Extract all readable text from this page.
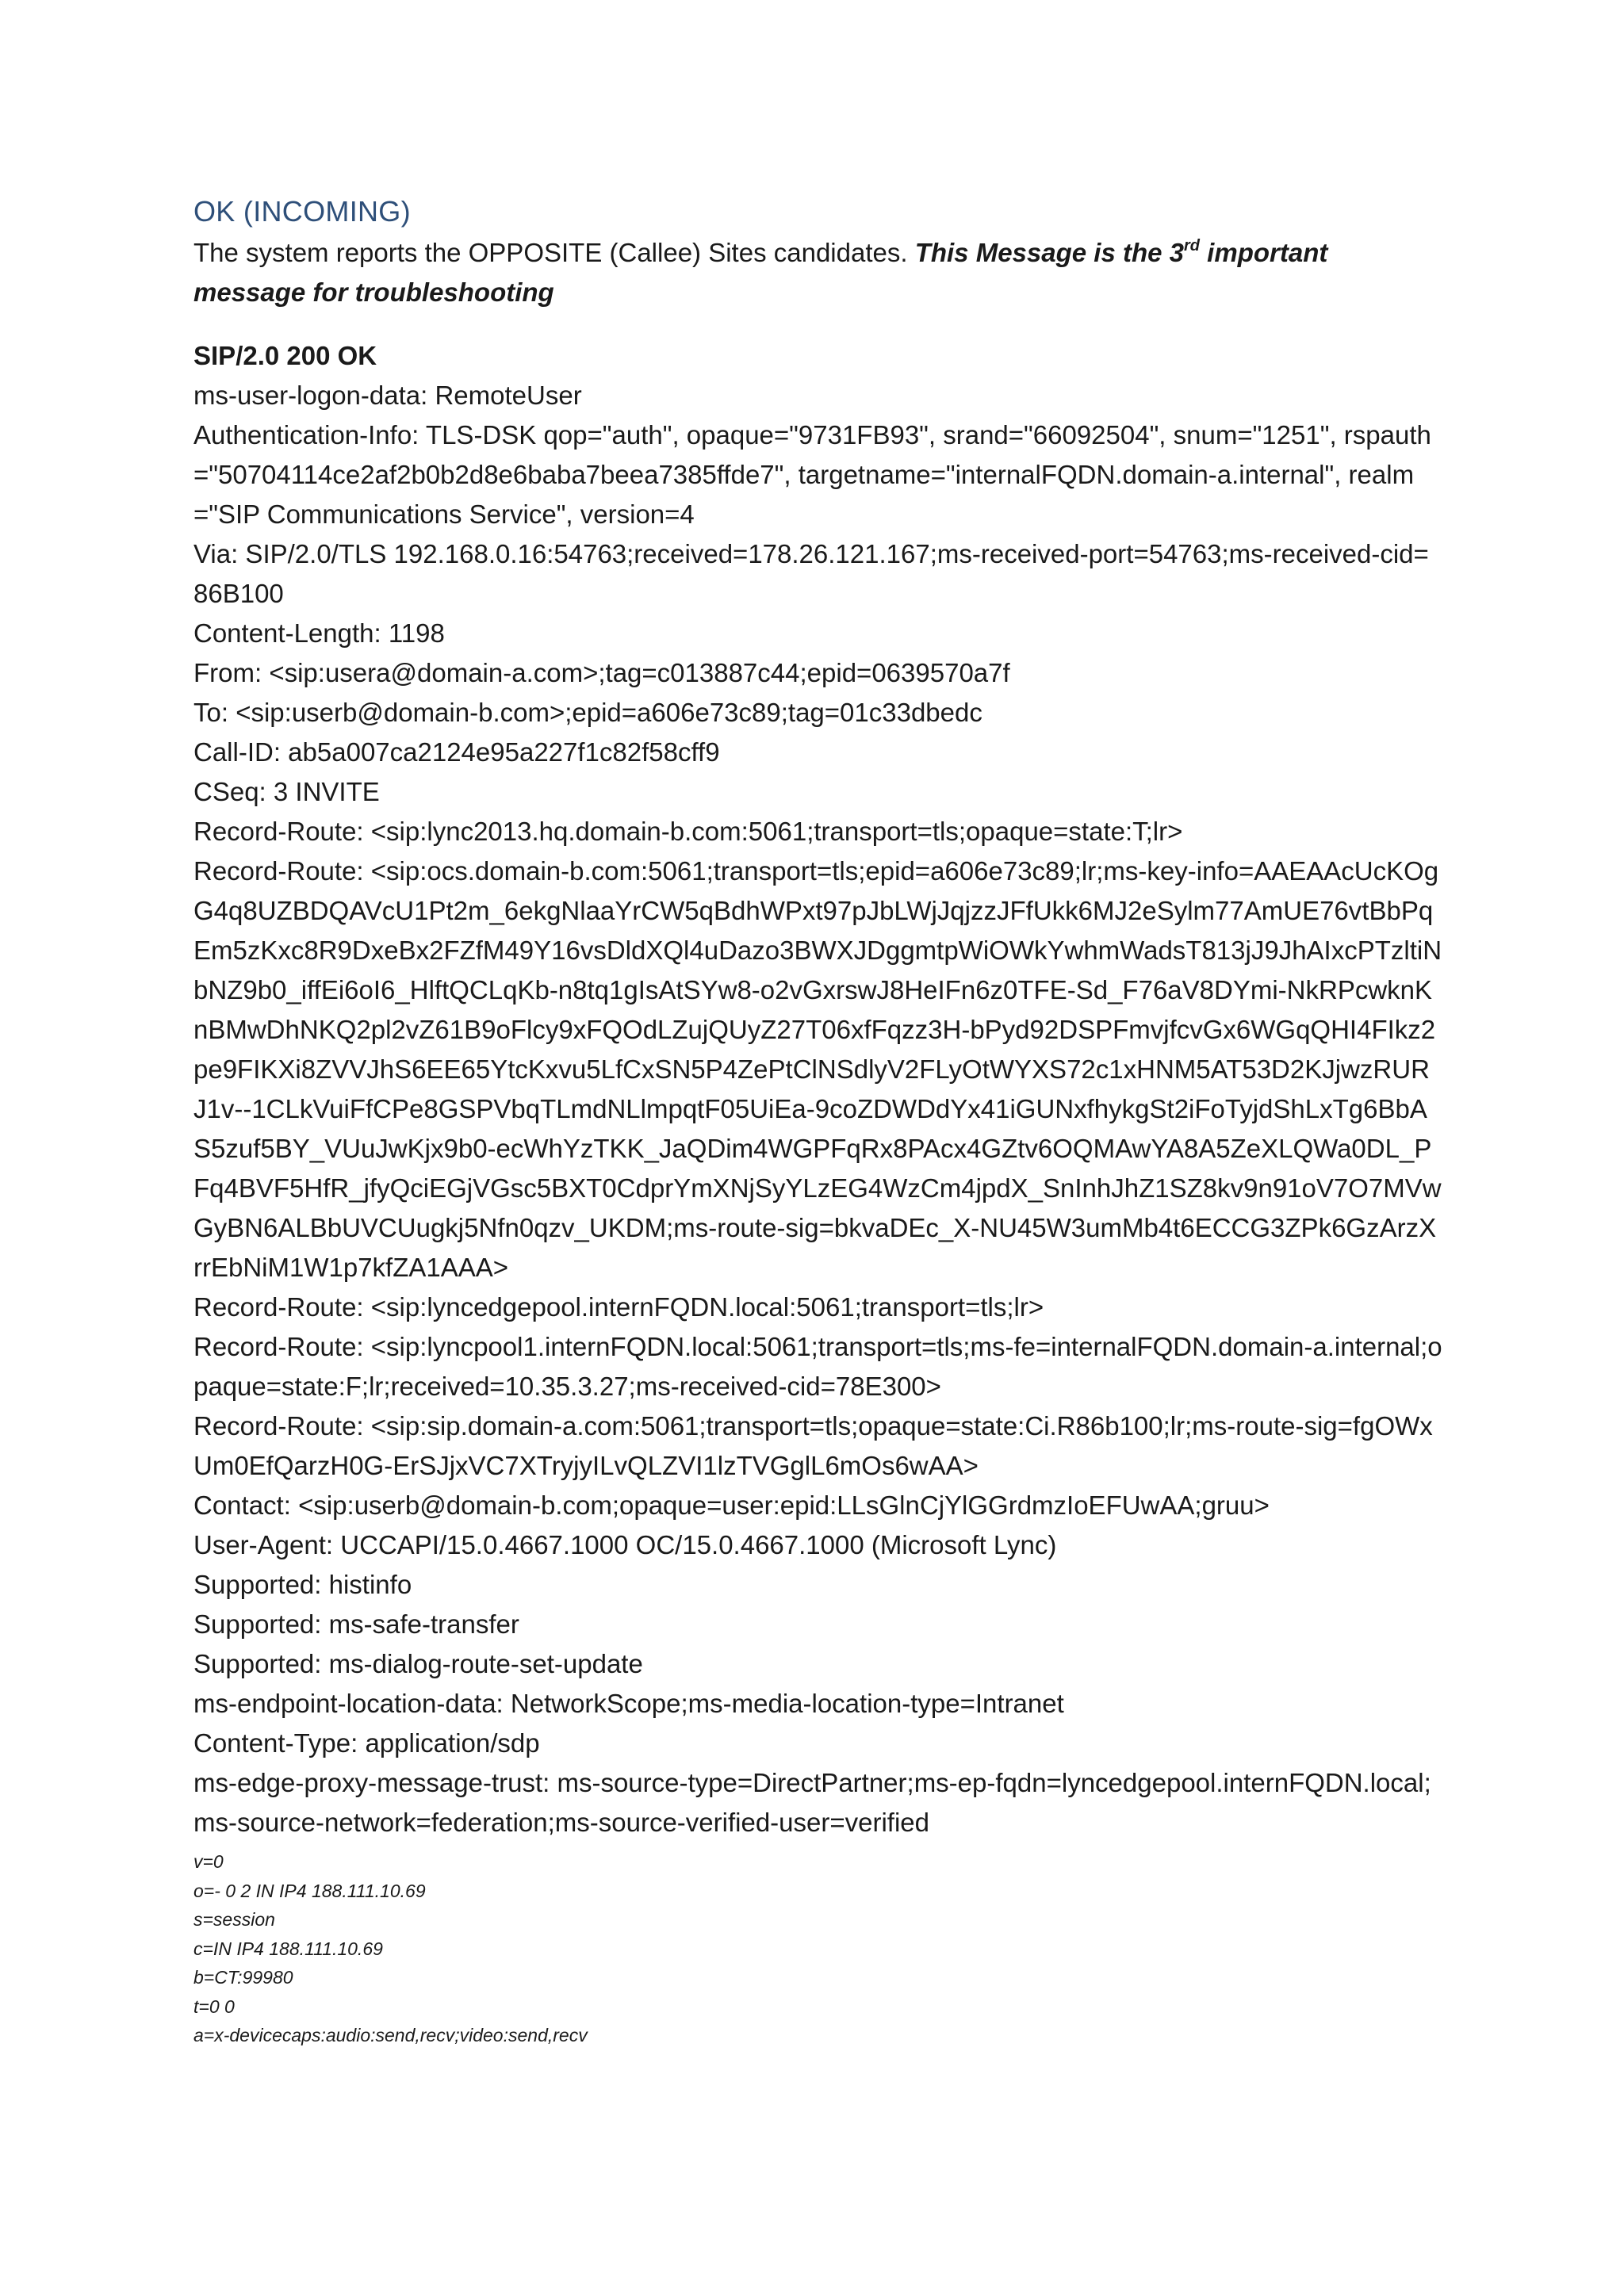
OK (INCOMING)

The system reports the OPPOSITE (Callee) Sites candidates. This Message is the 3rd important message for troubleshooting

SIP/2.0 200 OK

ms-user-logon-data: RemoteUser

Authentication-Info: TLS-DSK qop="auth", opaque="9731FB93", srand="66092504", snum="1251", rspauth="50704114ce2af2b0b2d8e6baba7beea7385ffde7", targetname="internalFQDN.domain-a.internal", realm="SIP Communications Service", version=4

Via: SIP/2.0/TLS 192.168.0.16:54763;received=178.26.121.167;ms-received-port=54763;ms-received-cid=86B100

Content-Length: 1198

From: <sip:usera@domain-a.com>;tag=c013887c44;epid=0639570a7f

To: <sip:userb@domain-b.com>;epid=a606e73c89;tag=01c33dbedc

Call-ID: ab5a007ca2124e95a227f1c82f58cff9

CSeq: 3 INVITE

Record-Route: <sip:lync2013.hq.domain-b.com:5061;transport=tls;opaque=state:T;lr>

Record-Route: <sip:ocs.domain-b.com:5061;transport=tls;epid=a606e73c89;lr;ms-key-info=AAEAAcUcKOgG4q8UZBDQAVcU1Pt2m_6ekgNlaaYrCW5qBdhWPxt97pJbLWjJqjzzJFfUkk6MJ2eSylm77AmUE76vtBbPqEm5zKxc8R9DxeBx2FZfM49Y16vsDldXQl4uDazo3BWXJDggmtpWiOWkYwhmWadsT813jJ9JhAIxcPTzltiNbNZ9b0_iffEi6oI6_HlftQCLqKb-n8tq1gIsAtSYw8-o2vGxrswJ8HeIFn6z0TFE-Sd_F76aV8DYmi-NkRPcwknKnBMwDhNKQ2pl2vZ61B9oFlcy9xFQOdLZujQUyZ27T06xfFqzz3H-bPyd92DSPFmvjfcvGx6WGqQHI4FIkz2pe9FIKXi8ZVVJhS6EE65YtcKxvu5LfCxSN5P4ZePtClNSdlyV2FLyOtWYXS72c1xHNM5AT53D2KJjwzRURJ1v--1CLkVuiFfCPe8GSPVbqTLmdNLlmpqtF05UiEa-9coZDWDdYx41iGUNxfhykgSt2iFoTyjdShLxTg6BbAS5zuf5BY_VUuJwKjx9b0-ecWhYzTKK_JaQDim4WGPFqRx8PAcx4GZtv6OQMAwYA8A5ZeXLQWa0DL_PFq4BVF5HfR_jfyQciEGjVGsc5BXT0CdprYmXNjSyYLzEG4WzCm4jpdX_SnInhJhZ1SZ8kv9n91oV7O7MVwGyBN6ALBbUVCUugkj5Nfn0qzv_UKDM;ms-route-sig=bkvaDEc_X-NU45W3umMb4t6ECCG3ZPk6GzArzXrrEbNiM1W1p7kfZA1AAA>

Record-Route: <sip:lyncedgepool.internFQDN.local:5061;transport=tls;lr>

Record-Route: <sip:lyncpool1.internFQDN.local:5061;transport=tls;ms-fe=internalFQDN.domain-a.internal;opaque=state:F;lr;received=10.35.3.27;ms-received-cid=78E300>

Record-Route: <sip:sip.domain-a.com:5061;transport=tls;opaque=state:Ci.R86b100;lr;ms-route-sig=fgOWxUm0EfQarzH0G-ErSJjxVC7XTryjyILvQLZVI1lzTVGglL6mOs6wAA>

Contact: <sip:userb@domain-b.com;opaque=user:epid:LLsGlnCjYlGGrdmzIoEFUwAA;gruu>

User-Agent: UCCAPI/15.0.4667.1000 OC/15.0.4667.1000 (Microsoft Lync)

Supported: histinfo

Supported: ms-safe-transfer

Supported: ms-dialog-route-set-update

ms-endpoint-location-data: NetworkScope;ms-media-location-type=Intranet

Content-Type: application/sdp

ms-edge-proxy-message-trust: ms-source-type=DirectPartner;ms-ep-fqdn=lyncedgepool.internFQDN.local;ms-source-network=federation;ms-source-verified-user=verified

v=0

o=- 0 2 IN IP4 188.111.10.69

s=session

c=IN IP4 188.111.10.69

b=CT:99980

t=0 0

a=x-devicecaps:audio:send,recv;video:send,recv
